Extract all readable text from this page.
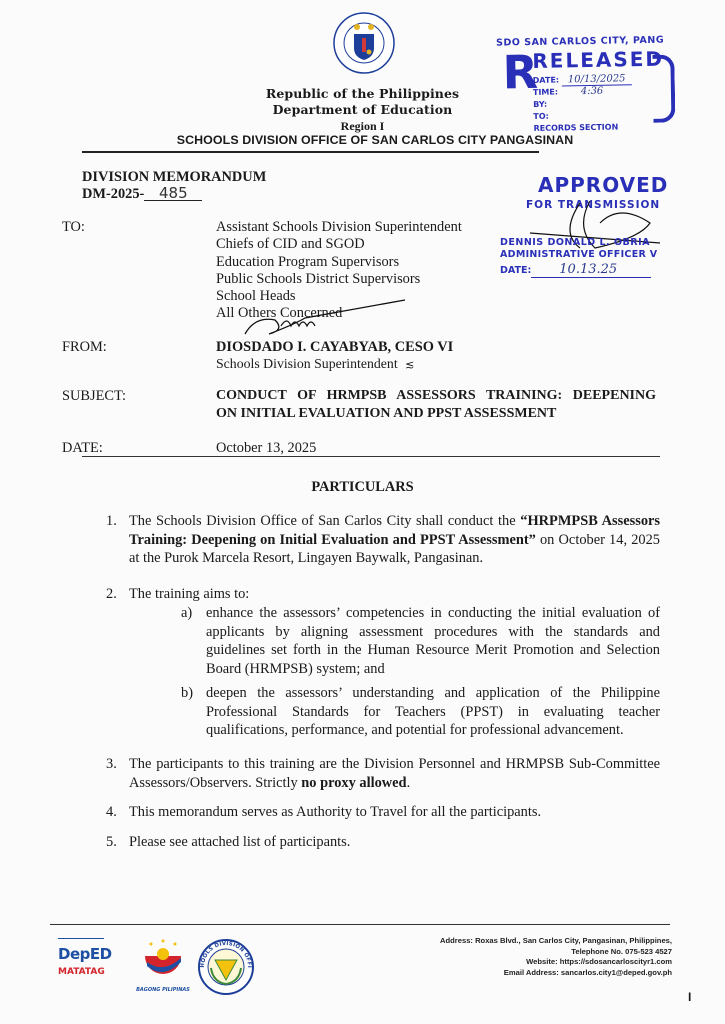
Republic of the Philippines
Department of Education
Region I
SCHOOLS DIVISION OFFICE OF SAN CARLOS CITY PANGASINAN
SDO SAN CARLOS CITY, PANG
R
RELEASED
DATE: 10/13/2025
TIME: 4:36
BY:
TO:
RECORDS SECTION
DIVISION MEMORANDUM
DM-2025- 485	APPROVED
FOR TRANSMISSION
DENNIS DONALD L. OBRIA
ADMINISTRATIVE OFFICER V
DATE: 10.13.25
TO:	Assistant Schools Division Superintendent
Chiefs of CID and SGOD
Education Program Supervisors
Public Schools District Supervisors
School Heads
All Others Concerned
FROM:	DIOSDADO I. CAYABYAB, CESO VI
Schools Division Superintendent ≲
SUBJECT:	CONDUCT OF HRMPSB ASSESSORS TRAINING: DEEPENING
ON INITIAL EVALUATION AND PPST ASSESSMENT
DATE:	October 13, 2025
PARTICULARS
1. The Schools Division Office of San Carlos City shall conduct the “HRPMPSB Assessors Training: Deepening on Initial Evaluation and PPST Assessment” on October 14, 2025 at the Purok Marcela Resort, Lingayen Baywalk, Pangasinan.
2. The training aims to:
a) enhance the assessors’ competencies in conducting the initial evaluation of applicants by aligning assessment procedures with the standards and guidelines set forth in the Human Resource Merit Promotion and Selection Board (HRMPSB) system; and
b) deepen the assessors’ understanding and application of the Philippine Professional Standards for Teachers (PPST) in evaluating teacher qualifications, performance, and potential for professional advancement.
3. The participants to this training are the Division Personnel and HRMPSB Sub-Committee Assessors/Observers. Strictly no proxy allowed.
4. This memorandum serves as Authority to Travel for all the participants.
5. Please see attached list of participants.
DepED
MATATAG
BAGONG PILIPINAS
HOOLS DIVISION OFFI
Address: Roxas Blvd., San Carlos City, Pangasinan, Philippines,
Telephone No. 075-523 4527
Website: https://sdosancarloscityr1.com
Email Address: sancarlos.city1@deped.gov.ph
I
